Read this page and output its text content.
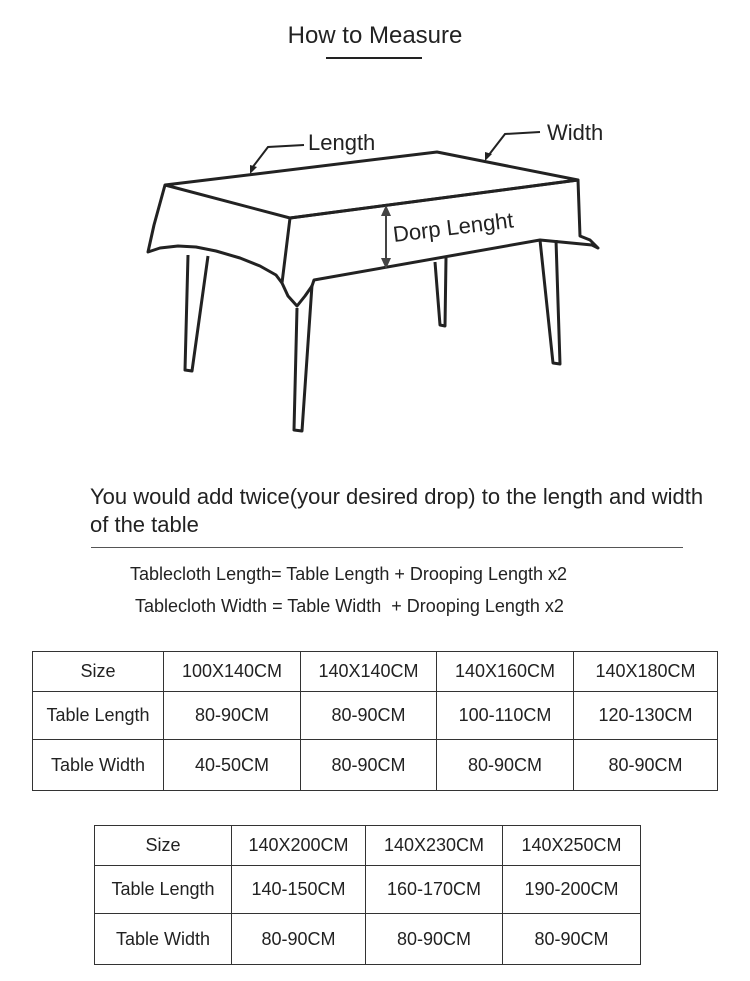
How to Measure
Length	Width
Dorp Lenght
You would add twice(your desired drop) to the length and width of the table
Tablecloth Length= Table Length + Drooping Length x2
Tablecloth Width = Table Width  + Drooping Length x2
Size	100X140CM	140X140CM	140X160CM	140X180CM
Table Length	80-90CM	80-90CM	100-110CM	120-130CM
Table Width	40-50CM	80-90CM	80-90CM	80-90CM
Size	140X200CM	140X230CM	140X250CM
Table Length	140-150CM	160-170CM	190-200CM
Table Width	80-90CM	80-90CM	80-90CM
